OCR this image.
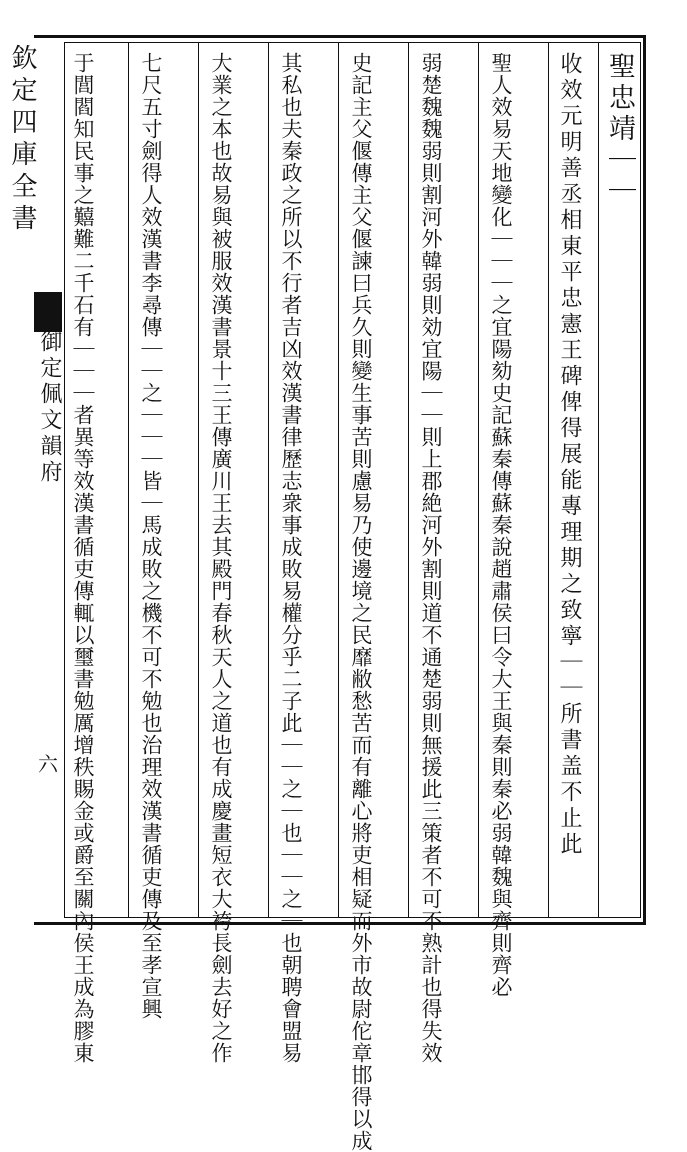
欽定四庫全書
御定佩文韻府
六
聖忠靖｜｜
收效元明善丞相東平忠憲王碑俾得展能專理期之致寧｜｜所書盖不止此
聖人效易天地變化｜｜｜之宜陽劾史記蘇秦傳蘇秦說趙肅侯曰令大王與秦則秦必弱韓魏與齊則齊必
弱楚魏魏弱則割河外韓弱則効宜陽｜｜則上郡絶河外割則道不通楚弱則無援此三策者不可不熟計也得失效
史記主父偃傳主父偃諫曰兵久則變生事苦則慮易乃使邊境之民靡敝愁苦而有離心將吏相疑而外市故尉佗章邯得以成
其私也夫秦政之所以不行者吉凶效漢書律歷志衆事成敗易權分乎二子此｜｜之｜也｜｜之｜也朝聘會盟易
大業之本也故易與被服效漢書景十三王傳廣川王去其殿門春秋天人之道也有成慶畫短衣大袴長劍去好之作
七尺五寸劍得人效漢書李尋傳｜｜之｜｜｜皆｜馬成敗之機不可不勉也治理效漢書循吏傳及至孝宣興
于閭閻知民事之囏難二千石有｜｜｜者異等效漢書循吏傳輒以璽書勉厲增秩賜金或爵至關內侯王成為膠東
